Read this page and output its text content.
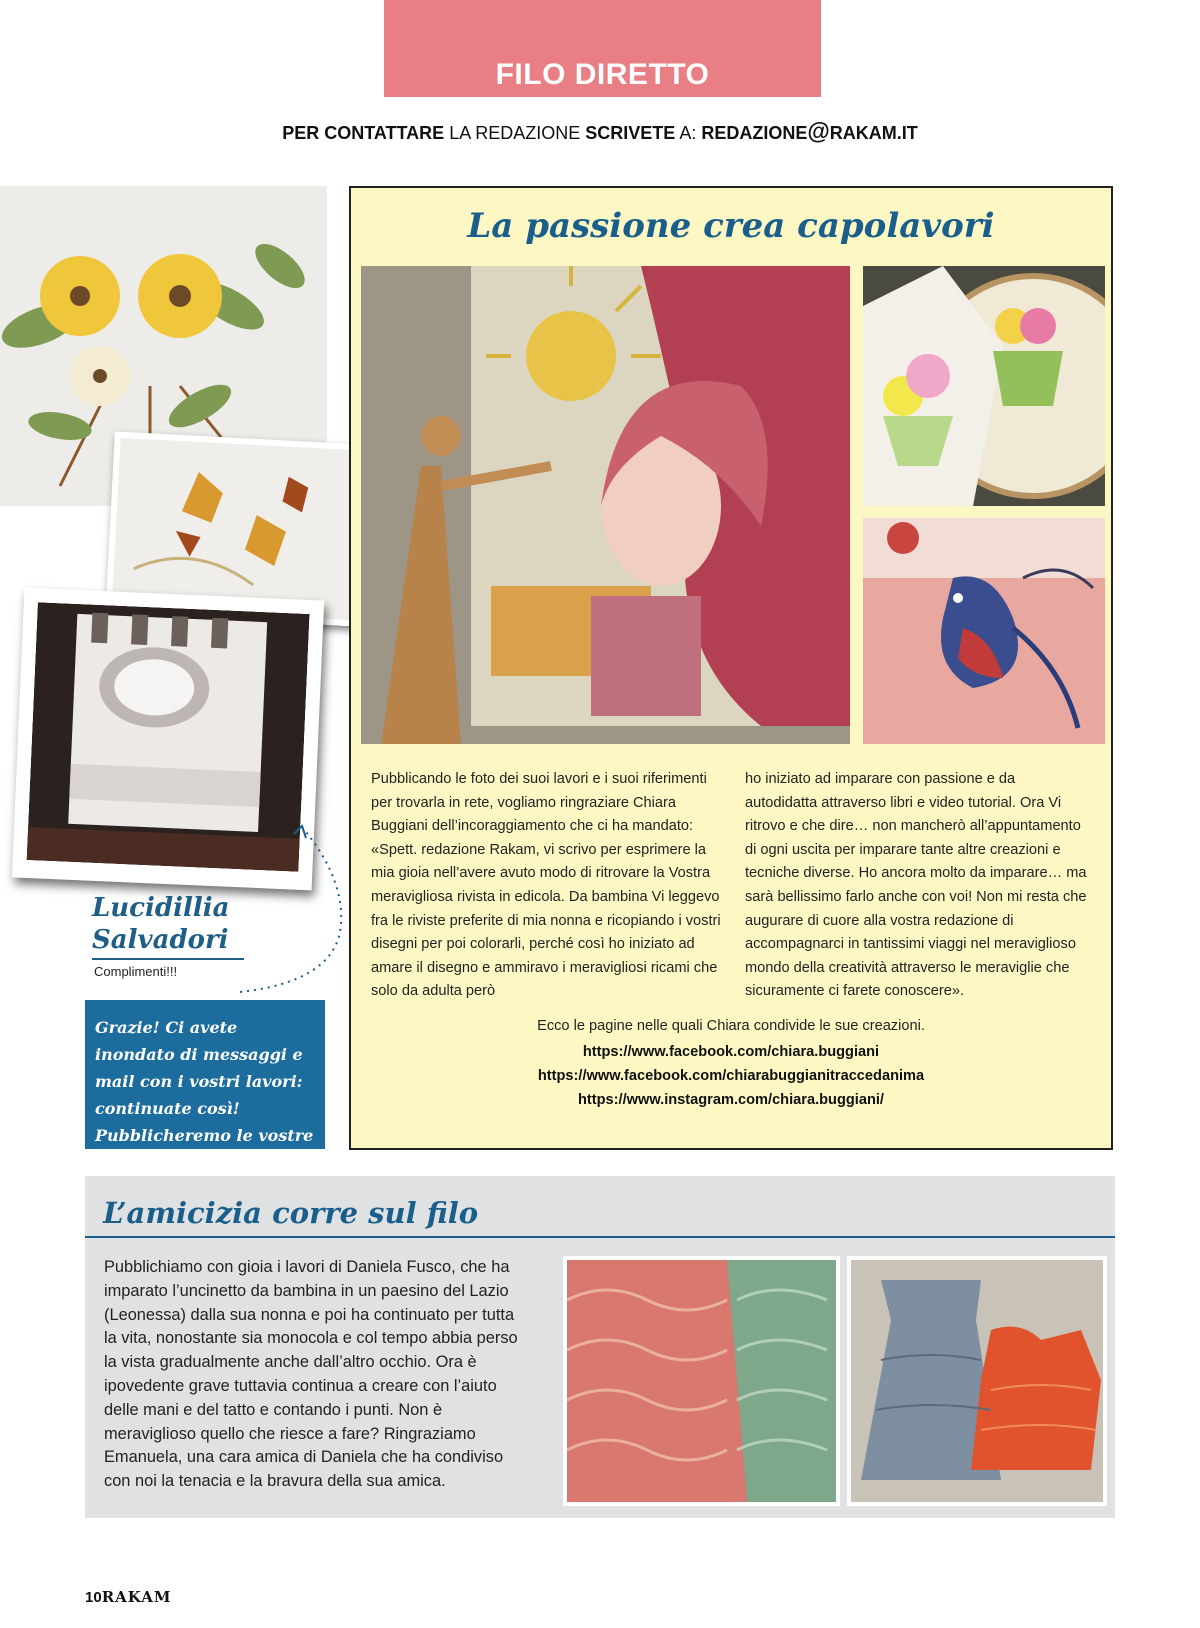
FILO DIRETTO
PER CONTATTARE LA REDAZIONE SCRIVETE A: REDAZIONE@RAKAM.IT
Lucidillia Salvadori
Complimenti!!!
Grazie! Ci avete inondato di messaggi e mail con i vostri lavori: continuate così! Pubblicheremo le vostre foto!
La passione crea capolavori
Pubblicando le foto dei suoi lavori e i suoi riferimenti per trovarla in rete, vogliamo ringraziare Chiara Buggiani dell’incoraggiamento che ci ha mandato: «Spett. redazione Rakam, vi scrivo per esprimere la mia gioia nell’avere avuto modo di ritrovare la Vostra meravigliosa rivista in edicola. Da bambina Vi leggevo fra le riviste preferite di mia nonna e ricopiando i vostri disegni per poi colorarli, perché così ho iniziato ad amare il disegno e ammiravo i meravigliosi ricami che solo da adulta però
ho iniziato ad imparare con passione e da autodidatta attraverso libri e video tutorial. Ora Vi ritrovo e che dire… non mancherò all’appuntamento di ogni uscita per imparare tante altre creazioni e tecniche diverse. Ho ancora molto da imparare… ma sarà bellissimo farlo anche con voi! Non mi resta che augurare di cuore alla vostra redazione di accompagnarci in tantissimi viaggi nel meraviglioso mondo della creatività attraverso le meraviglie che sicuramente ci farete conoscere».
Ecco le pagine nelle quali Chiara condivide le sue creazioni.
https://www.facebook.com/chiara.buggiani
https://www.facebook.com/chiarabuggianitraccedanima
https://www.instagram.com/chiara.buggiani/
L’amicizia corre sul filo
Pubblichiamo con gioia i lavori di Daniela Fusco, che ha imparato l’uncinetto da bambina in un paesino del Lazio (Leonessa) dalla sua nonna e poi ha continuato per tutta la vita, nonostante sia monocola e col tempo abbia perso la vista gradualmente anche dall’altro occhio. Ora è ipovedente grave tuttavia continua a creare con l’aiuto delle mani e del tatto e contando i punti. Non è meraviglioso quello che riesce a fare? Ringraziamo Emanuela, una cara amica di Daniela che ha condiviso con noi la tenacia e la bravura della sua amica.
10RAKAM
